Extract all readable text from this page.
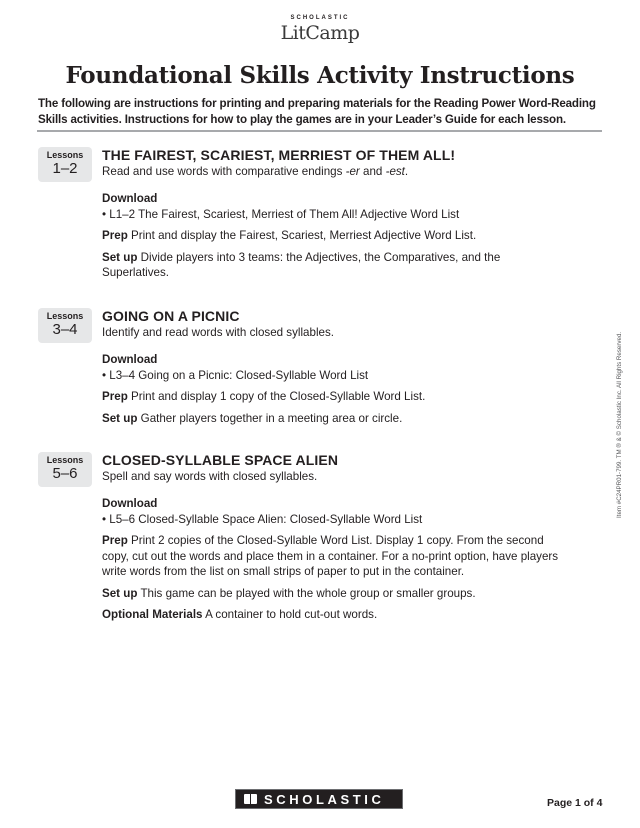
SCHOLASTIC
LitCamp
Foundational Skills Activity Instructions
The following are instructions for printing and preparing materials for the Reading Power Word-Reading Skills activities. Instructions for how to play the games are in your Leader’s Guide for each lesson.
Lessons
1–2
THE FAIREST, SCARIEST, MERRIEST OF THEM ALL!
Read and use words with comparative endings -er and -est.
Download
• L1–2 The Fairest, Scariest, Merriest of Them All! Adjective Word List
Prep Print and display the Fairest, Scariest, Merriest Adjective Word List.
Set up Divide players into 3 teams: the Adjectives, the Comparatives, and the Superlatives.
Lessons
3–4
GOING ON A PICNIC
Identify and read words with closed syllables.
Download
• L3–4 Going on a Picnic: Closed-Syllable Word List
Prep Print and display 1 copy of the Closed-Syllable Word List.
Set up Gather players together in a meeting area or circle.
Lessons
5–6
CLOSED-SYLLABLE SPACE ALIEN
Spell and say words with closed syllables.
Download
• L5–6 Closed-Syllable Space Alien: Closed-Syllable Word List
Prep Print 2 copies of the Closed-Syllable Word List. Display 1 copy. From the second copy, cut out the words and place them in a container. For a no-print option, have players write words from the list on small strips of paper to put in the container.
Set up This game can be played with the whole group or smaller groups.
Optional Materials A container to hold cut-out words.
Item #C24PR01-799. TM ® & © Scholastic Inc. All Rights Reserved.
SCHOLASTIC	Page 1 of 4
